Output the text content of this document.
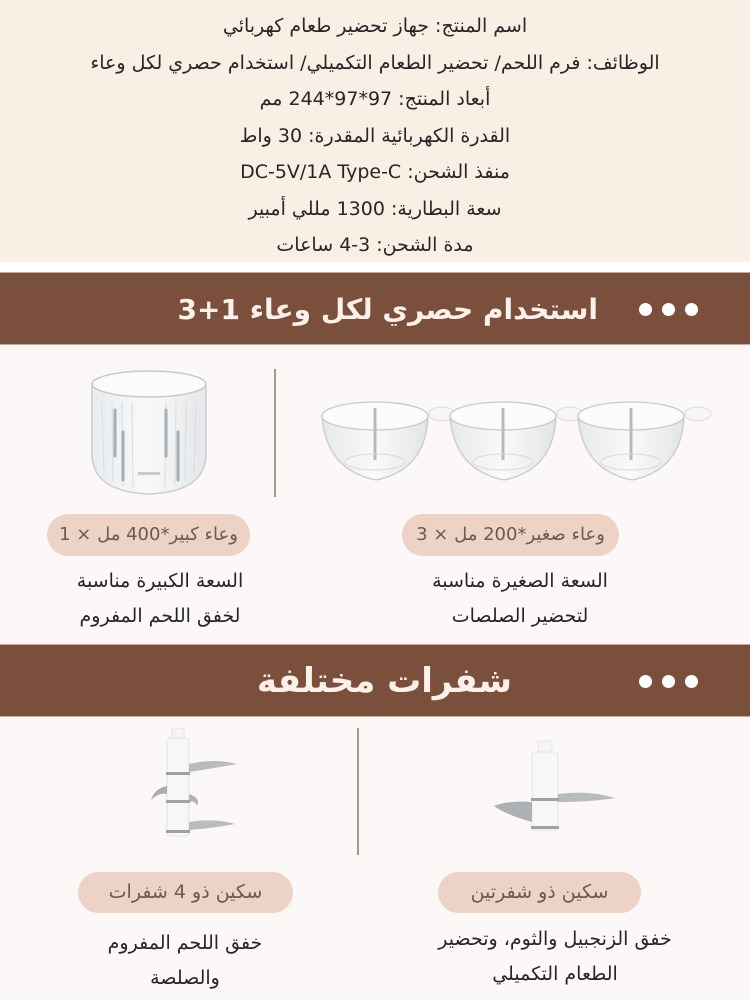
اسم المنتج: جهاز تحضير طعام كهربائي
الوظائف: فرم اللحم/ تحضير الطعام التكميلي/ استخدام حصري لكل وعاء
أبعاد المنتج: 97*97*244 مم
القدرة الكهربائية المقدرة: 30 واط
منفذ الشحن: DC-5V/1A Type-C
سعة البطارية: 1300 مللي أمبير
مدة الشحن: 3-4 ساعات
استخدام حصري لكل وعاء 1+3
وعاء كبير*400 مل × 1	وعاء صغير*200 مل × 3
السعة الكبيرة مناسبة
لخفق اللحم المفروم
السعة الصغيرة مناسبة
لتحضير الصلصات
شفرات مختلفة
سكين ذو 4 شفرات	سكين ذو شفرتين
خفق اللحم المفروم
والصلصة
خفق الزنجبيل والثوم، وتحضير
الطعام التكميلي
